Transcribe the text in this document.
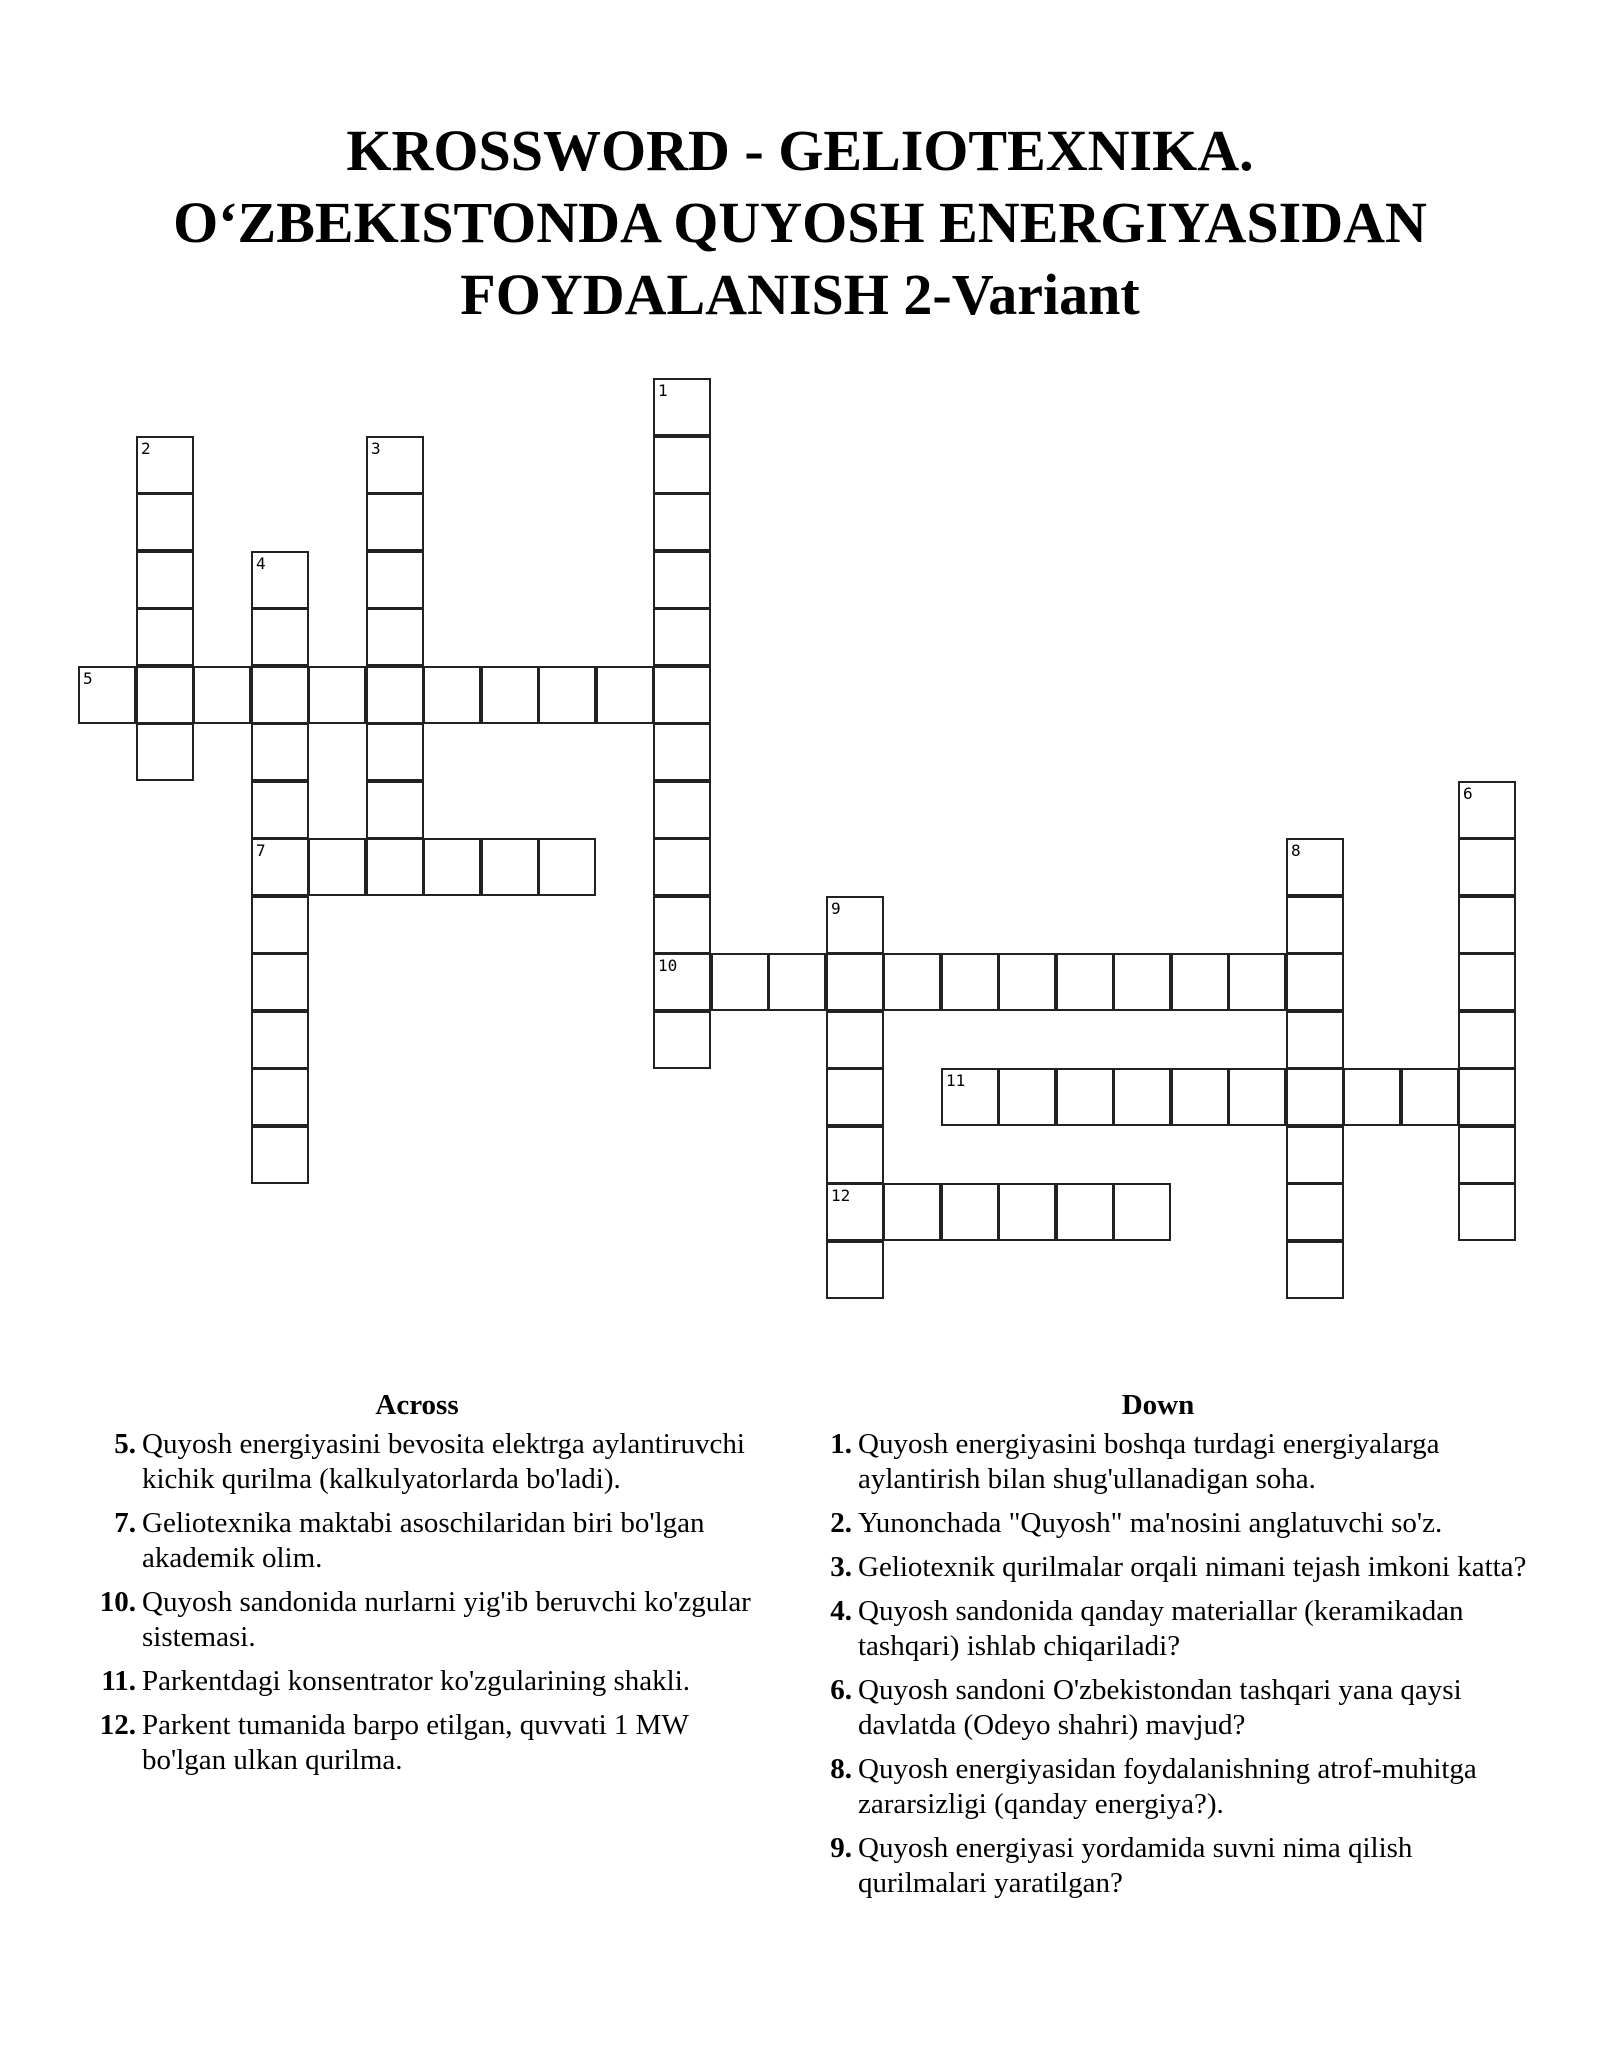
KROSSWORD - GELIOTEXNIKA.
O‘ZBEKISTONDA QUYOSH ENERGIYASIDAN
FOYDALANISH 2-Variant
1
10
2	3
4
7
5
6
8
9
12
11
Across
5. Quyosh energiyasini bevosita elektrga aylantiruvchi kichik qurilma (kalkulyatorlarda bo'ladi).
7. Geliotexnika maktabi asoschilaridan biri bo'lgan akademik olim.
10. Quyosh sandonida nurlarni yig'ib beruvchi ko'zgular sistemasi.
11. Parkentdagi konsentrator ko'zgularining shakli.
12. Parkent tumanida barpo etilgan, quvvati 1 MW bo'lgan ulkan qurilma.
Down
1. Quyosh energiyasini boshqa turdagi energiyalarga aylantirish bilan shug'ullanadigan soha.
2. Yunonchada "Quyosh" ma'nosini anglatuvchi so'z.
3. Geliotexnik qurilmalar orqali nimani tejash imkoni katta?
4. Quyosh sandonida qanday materiallar (keramikadan tashqari) ishlab chiqariladi?
6. Quyosh sandoni O'zbekistondan tashqari yana qaysi davlatda (Odeyo shahri) mavjud?
8. Quyosh energiyasidan foydalanishning atrof-muhitga zararsizligi (qanday energiya?).
9. Quyosh energiyasi yordamida suvni nima qilish qurilmalari yaratilgan?
